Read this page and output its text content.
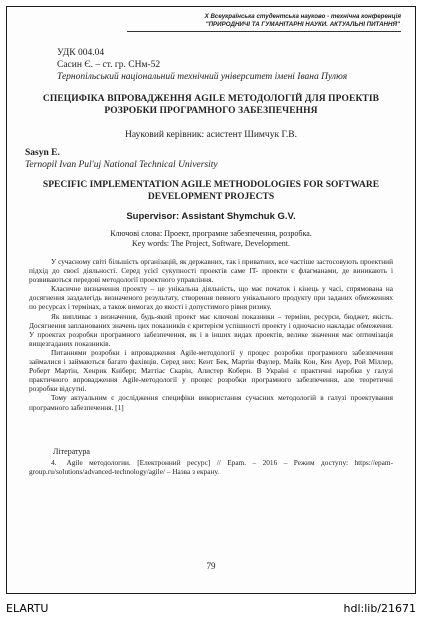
X Всеукраїнська студентська науково - технічна конференція
"ПРИРОДНИЧІ ТА ГУМАНІТАРНІ НАУКИ. АКТУАЛЬНІ ПИТАННЯ"
УДК 004.04
Сасин Є. – ст. гр. СНм-52
Тернопільський національний технічний університет імені Івана Пулюя
СПЕЦИФІКА ВПРОВАДЖЕННЯ AGILE МЕТОДОЛОГІЙ ДЛЯ ПРОЕКТІВ РОЗРОБКИ ПРОГРАМНОГО ЗАБЕЗПЕЧЕННЯ
Науковий керівник: асистент Шимчук Г.В.
Sasyn E.
Ternopil Ivan Pul'uj National Technical University
SPECIFIC IMPLEMENTATION AGILE METHODOLOGIES FOR SOFTWARE DEVELOPMENT PROJECTS
Supervisor: Assistant Shymchuk G.V.
Ключові слова: Проект, програмне забезпечення, розробка.
Key words: The Project, Software, Development.

У сучасному світі більшість організацій, як державних, так і приватних, все частіше застосовують проектний підхід до своєї діяльності. Серед усієї сукупності проектів саме IT- проекти є флагманами, де виникають і розвиваються передові методології проектного управління.

Класичне визначення проекту – це унікальна діяльність, що має початок і кінець у часі, спрямована на досягнення заздалегідь визначеного результату, створення певного унікального продукту при заданих обмеженнях по ресурсах і термінах, а також вимогах до якості і допустимого рівня ризику.

Як випливає з визначення, будь-який проект має ключові показники – терміни, ресурси, бюджет, якість. Досягнення запланованих значень цих показників є критерієм успішності проекту і одночасно накладає обмеження. У проектах розробки програмного забезпечення, як і в інших видах проектів, велике значення має оптимізація вищезгаданих показників.

Питаннями розробки і впровадження Agile-методології у процес розробки програмного забезпечення займалися і займаються багато фахівців. Серед них: Кент Бек, Мартін Фаулер, Майк Кон, Кен Ауер, Рой Міллер, Роберт Мартін, Хенрик Кніберг, Маттіас Скарін, Алистер Коберн. В Україні є практичні наробки у галузі практичного впровадження Agile-методології у процес розробки програмного забезпечення, але теоретичні розробки відсутні.

Тому актуальним є дослідження специфіки використання сучасних методологій в галузі проектування програмного забезпечення. [1]

Література
4. Agile методологии. [Електронний ресурс] // Epam. – 2016 – Режим доступу: https://epam-group.ru/solutions/advanced-technology/agile/ – Назва з екрану.
79
ELARTU	hdl:lib/21671
